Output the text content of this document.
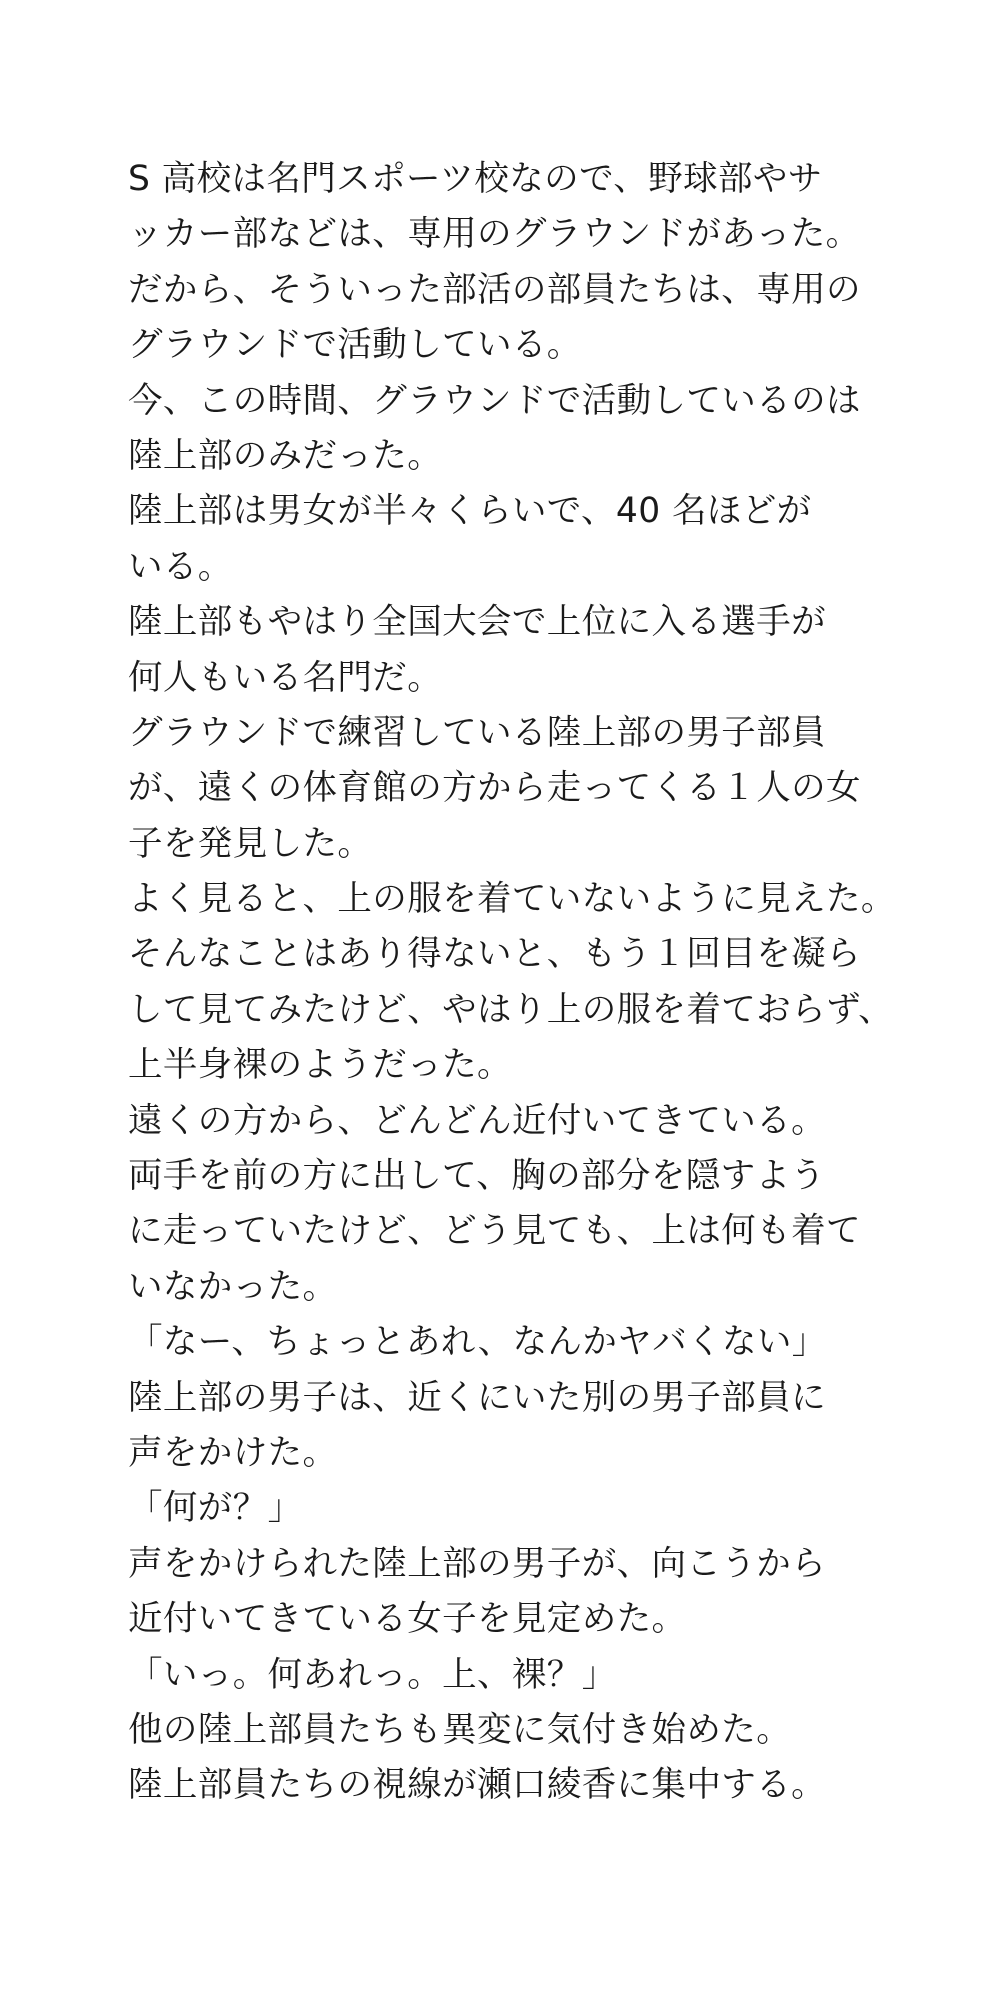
S 高校は名門スポーツ校なので、野球部やサ
ッカー部などは、専用のグラウンドがあった。
だから、そういった部活の部員たちは、専用の
グラウンドで活動している。
今、この時間、グラウンドで活動しているのは
陸上部のみだった。
陸上部は男女が半々くらいで、40 名ほどが
いる。
陸上部もやはり全国大会で上位に入る選手が
何人もいる名門だ。
グラウンドで練習している陸上部の男子部員
が、遠くの体育館の方から走ってくる１人の女
子を発見した。
よく見ると、上の服を着ていないように見えた。
そんなことはあり得ないと、もう１回目を凝ら
して見てみたけど、やはり上の服を着ておらず、
上半身裸のようだった。
遠くの方から、どんどん近付いてきている。
両手を前の方に出して、胸の部分を隠すよう
に走っていたけど、どう見ても、上は何も着て
いなかった。
「なー、ちょっとあれ、なんかヤバくない」
陸上部の男子は、近くにいた別の男子部員に
声をかけた。
「何が？」
声をかけられた陸上部の男子が、向こうから
近付いてきている女子を見定めた。
「いっ。何あれっ。上、裸？」
他の陸上部員たちも異変に気付き始めた。
陸上部員たちの視線が瀬口綾香に集中する。
